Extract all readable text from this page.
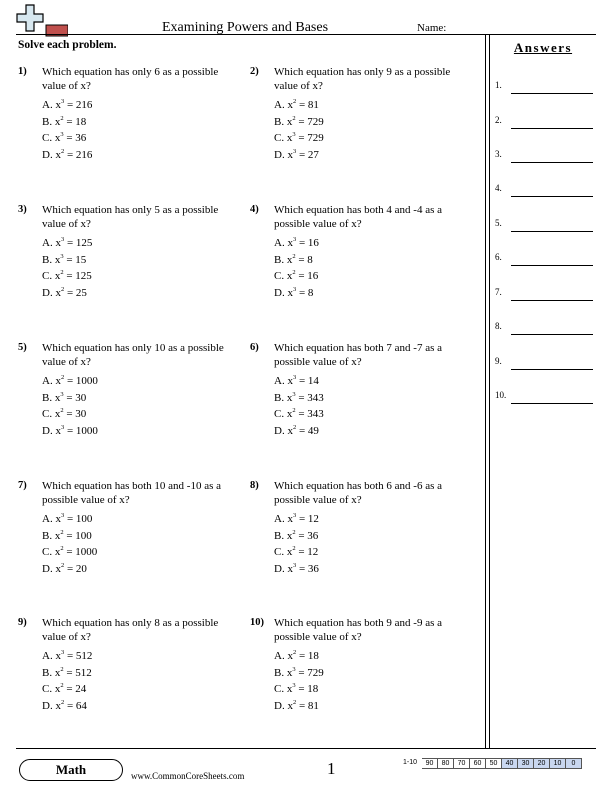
Examining Powers and Bases	Name:
Solve each problem.	Answers
1.
2.
3.
4.
5.
6.
7.
8.
9.
10.
1) Which equation has only 6 as a possible value of x?
A. $x^3 = 216$
B. $x^2 = 18$
C. $x^3 = 36$
D. $x^2 = 216$
2) Which equation has only 9 as a possible value of x?
A. $x^2 = 81$
B. $x^2 = 729$
C. $x^3 = 729$
D. $x^3 = 27$
3) Which equation has only 5 as a possible value of x?
A. $x^3 = 125$
B. $x^3 = 15$
C. $x^2 = 125$
D. $x^2 = 25$
4) Which equation has both 4 and -4 as a possible value of x?
A. $x^3 = 16$
B. $x^2 = 8$
C. $x^2 = 16$
D. $x^3 = 8$
5) Which equation has only 10 as a possible value of x?
A. $x^2 = 1000$
B. $x^3 = 30$
C. $x^2 = 30$
D. $x^3 = 1000$
6) Which equation has both 7 and -7 as a possible value of x?
A. $x^3 = 14$
B. $x^3 = 343$
C. $x^2 = 343$
D. $x^2 = 49$
7) Which equation has both 10 and -10 as a possible value of x?
A. $x^3 = 100$
B. $x^2 = 100$
C. $x^2 = 1000$
D. $x^2 = 20$
8) Which equation has both 6 and -6 as a possible value of x?
A. $x^3 = 12$
B. $x^2 = 36$
C. $x^2 = 12$
D. $x^3 = 36$
9) Which equation has only 8 as a possible value of x?
A. $x^3 = 512$
B. $x^2 = 512$
C. $x^2 = 24$
D. $x^2 = 64$
10) Which equation has both 9 and -9 as a possible value of x?
A. $x^2 = 18$
B. $x^3 = 729$
C. $x^3 = 18$
D. $x^2 = 81$
Math	www.CommonCoreSheets.com	1	1-10	90	80	70	60	50	40	30	20	10	0
